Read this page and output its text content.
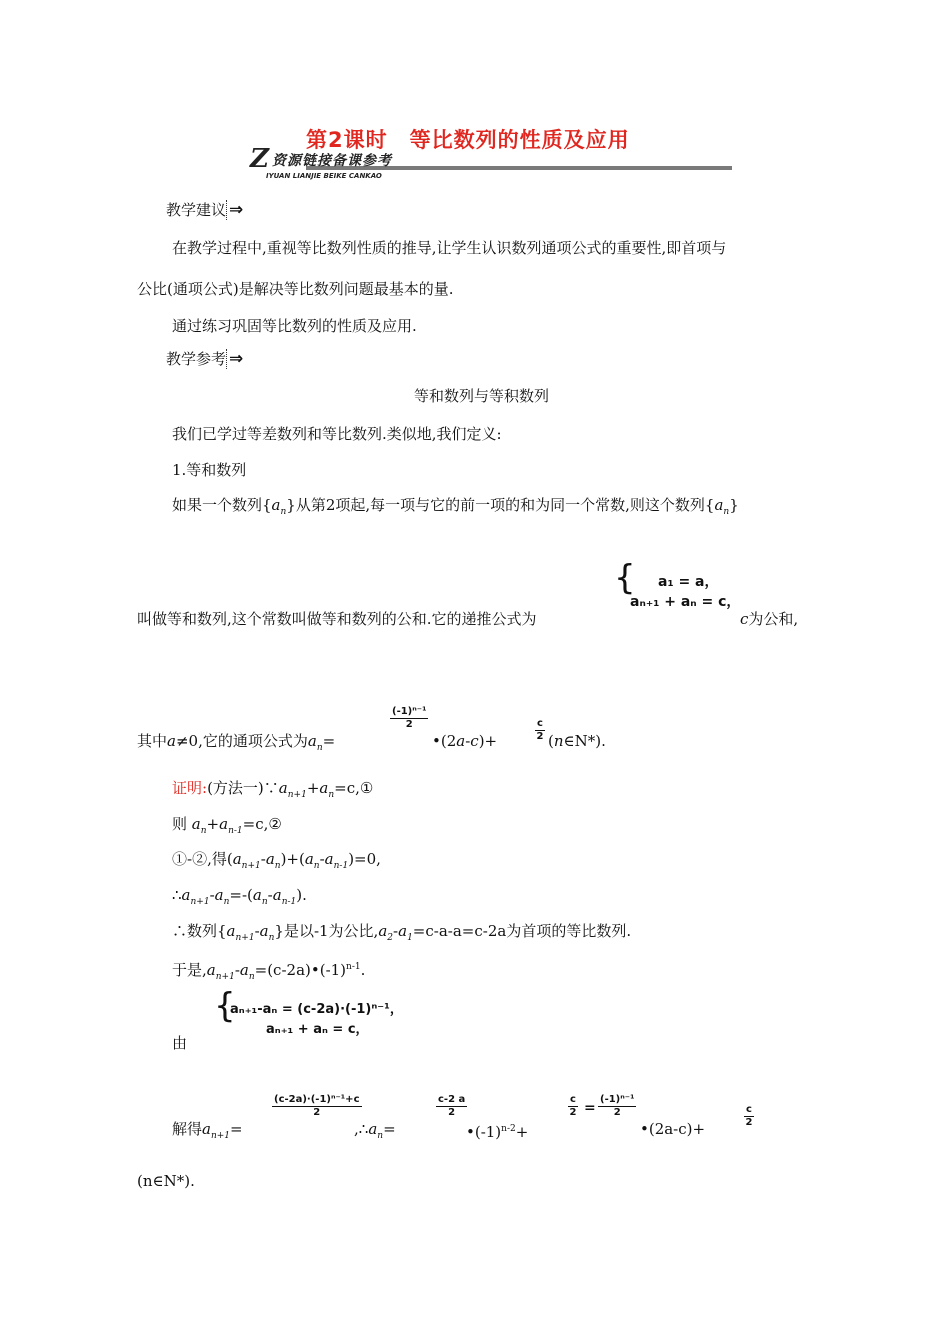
第2课时　等比数列的性质及应用
Z 资源链接备课参考
IYUAN LIANJIE BEIKE CANKAO
教学建议 ⇒
在教学过程中,重视等比数列性质的推导,让学生认识数列通项公式的重要性,即首项与
公比(通项公式)是解决等比数列问题最基本的量.
通过练习巩固等比数列的性质及应用.
教学参考 ⇒
等和数列与等积数列
我们已学过等差数列和等比数列.类似地,我们定义:
1.等和数列
如果一个数列$\{a_n\}$从第2项起,每一项与它的前一项的和为同一个常数,则这个数列$\{a_n\}$
{	a₁ = a，
aₙ₊₁ + aₙ = c，
叫做等和数列,这个常数叫做等和数列的公和.它的递推公式为	c为公和,
其中a≠0,它的通项公式为$a_n=$
$\frac{\text{(-1)ⁿ⁻¹}}{2}$
•(2a-c)+	$\frac{c}{2}$ (n∈N*).
证明:(方法一)$\because a_{n+1}+a_n=c,①$
则 $a_n+a_{n-1}=c,②$
①-②,得$(a_{n+1}-a_n)+(a_n-a_{n-1})=0$,
$\therefore a_{n+1}-a_n=-(a_n-a_{n-1})$.
∴数列$\{a_{n+1}-a_n\}$是以-1为公比$,a_2-a_1=c-a-a=c-2a$为首项的等比数列.
于是$,a_{n+1}-a_n=(c-2a)•(-1)^{n-1}$.
{
aₙ₊₁-aₙ = (c-2a)·(-1)ⁿ⁻¹，
aₙ₊₁ + aₙ = c，
由
解得$a_{n+1}=$
$\frac{\text{(c-2a)·(-1)ⁿ⁻¹+c}}{2}$
$,\therefore a_n=$
$\frac{c-2 a}{2}$
$•(-1)^{n-2}+$
$\frac{c}{2} = \frac{\text{(-1)ⁿ⁻¹}}{2}$
•(2a-c)+	$\frac{c}{2}$
(n∈N*).
